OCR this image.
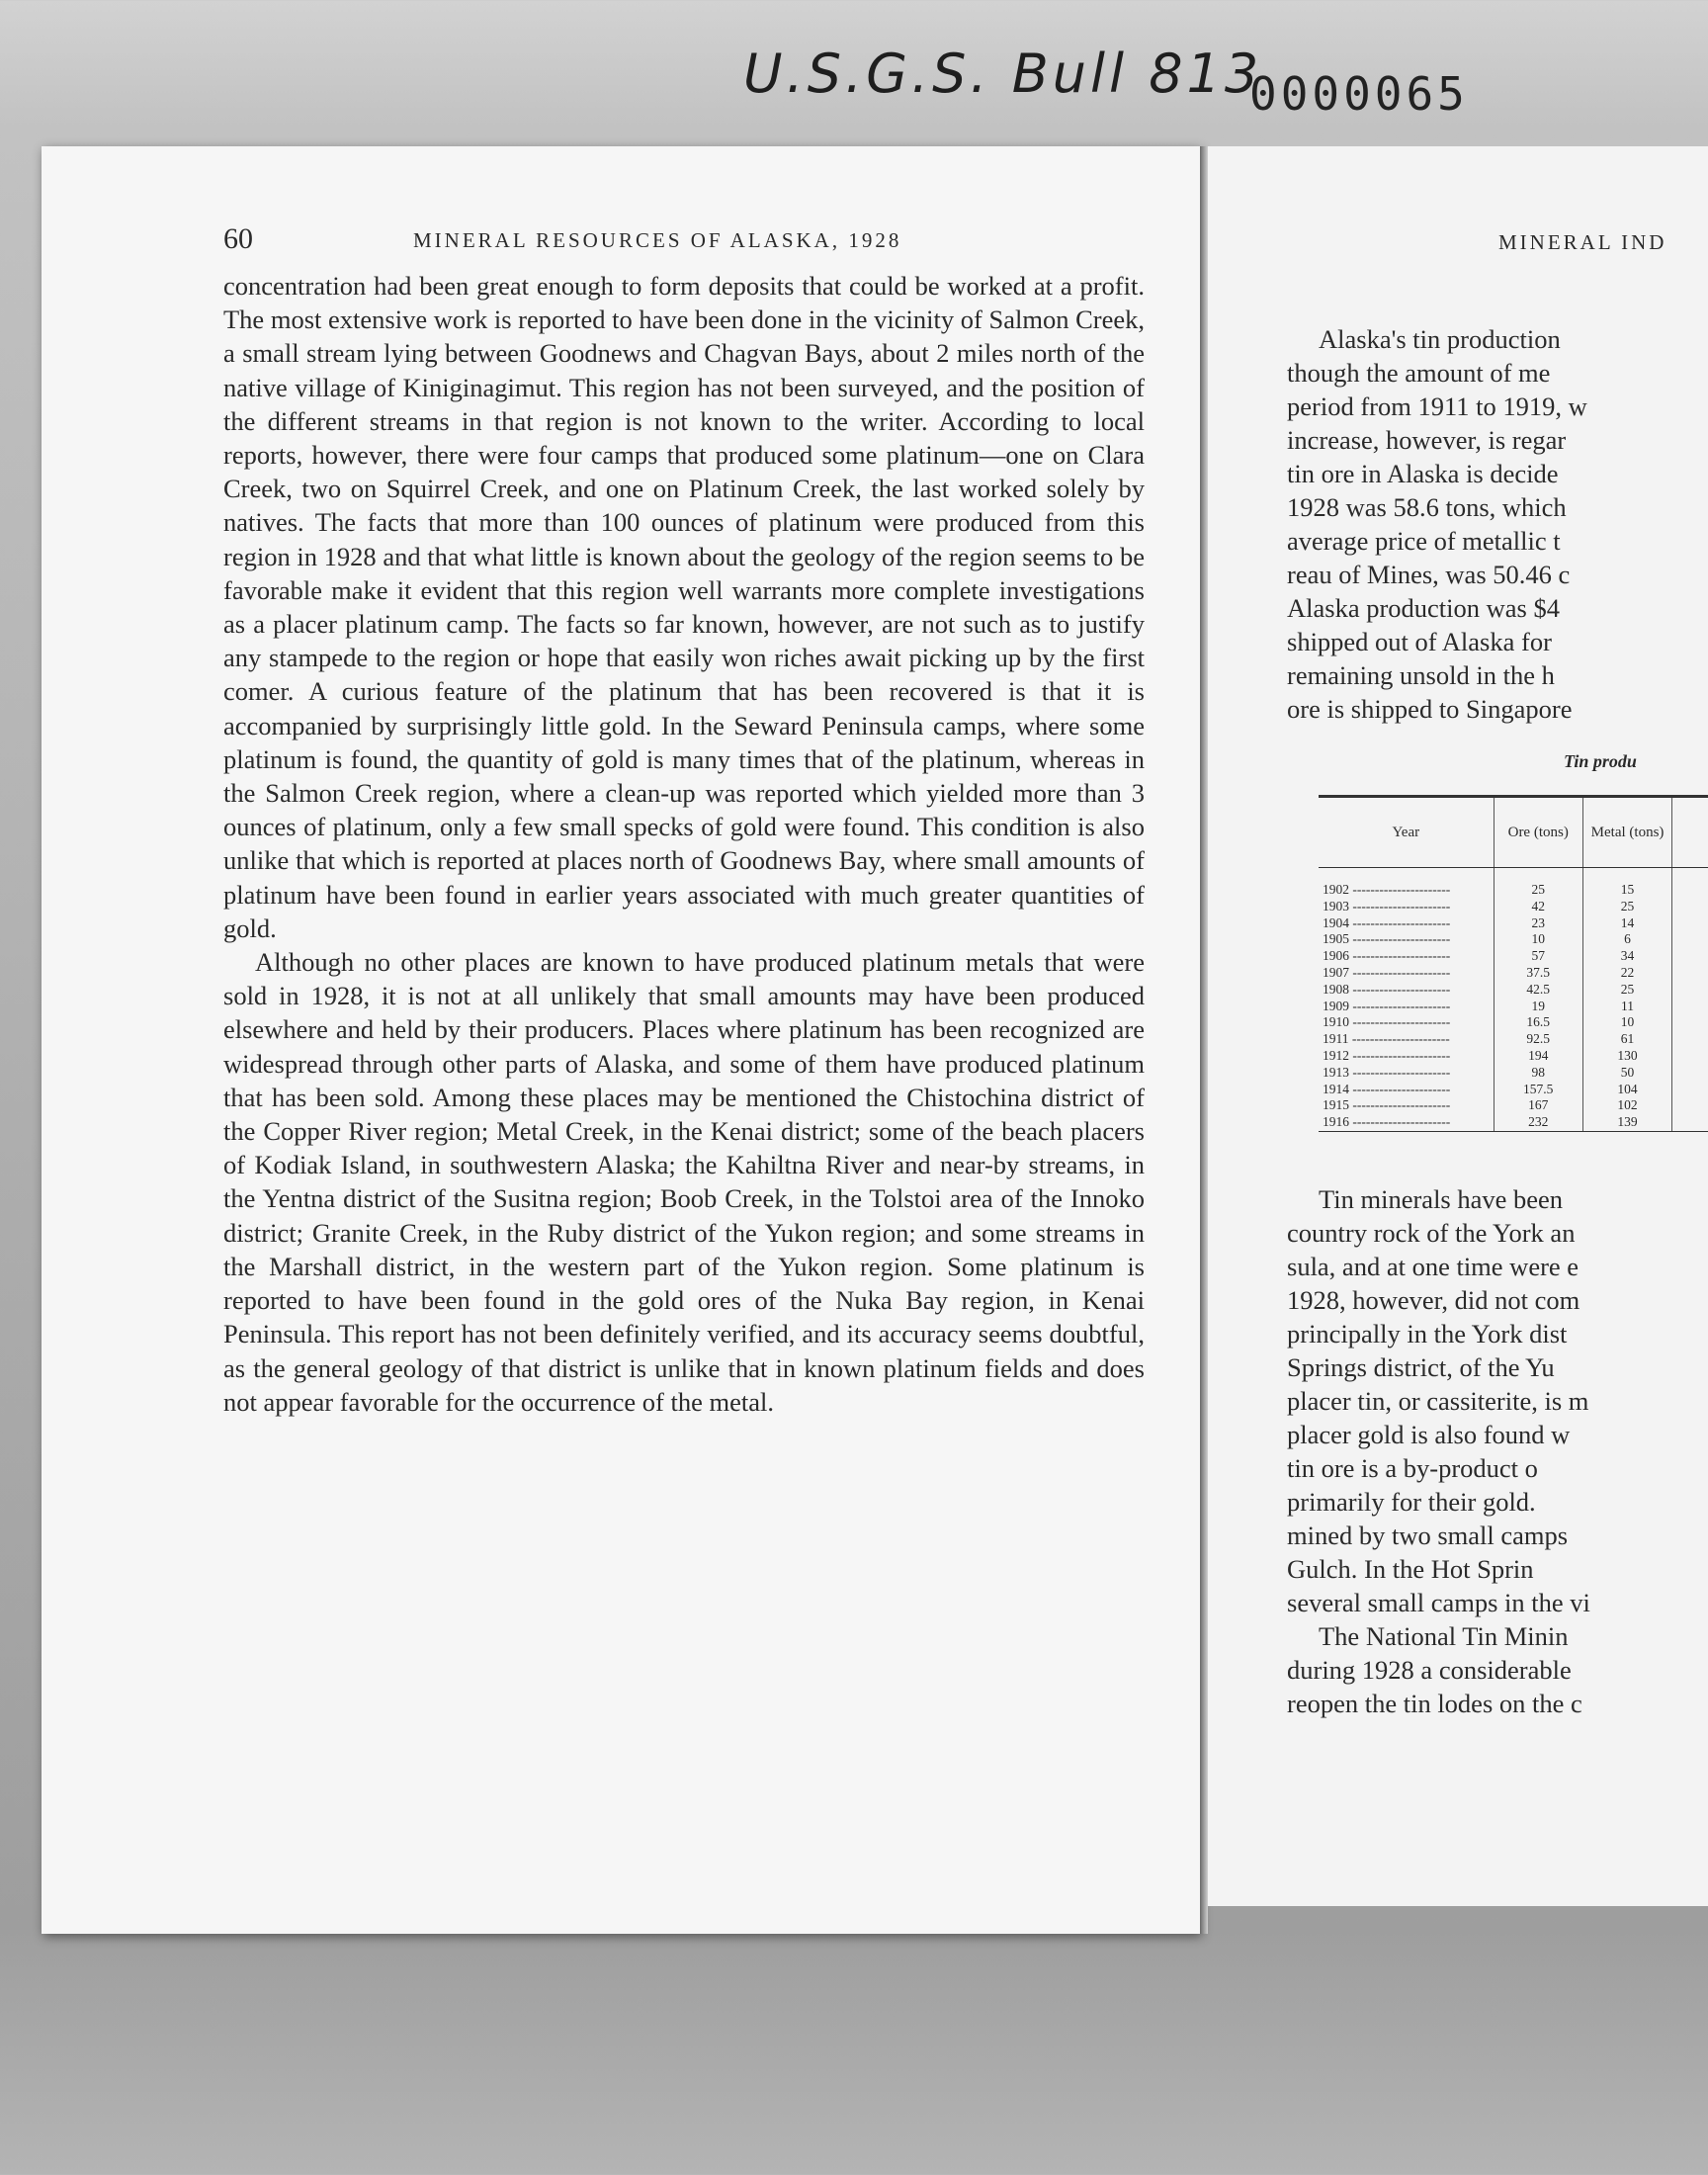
U.S.G.S. Bull 813

0000065

60	MINERAL RESOURCES OF ALASKA, 1928

concentration had been great enough to form deposits that could be worked at a profit. The most extensive work is reported to have been done in the vicinity of Salmon Creek, a small stream lying between Goodnews and Chagvan Bays, about 2 miles north of the native village of Kiniginagimut. This region has not been surveyed, and the position of the different streams in that region is not known to the writer. According to local reports, however, there were four camps that produced some platinum—one on Clara Creek, two on Squirrel Creek, and one on Platinum Creek, the last worked solely by natives. The facts that more than 100 ounces of platinum were produced from this region in 1928 and that what little is known about the geology of the region seems to be favorable make it evident that this region well warrants more complete investigations as a placer platinum camp. The facts so far known, however, are not such as to justify any stampede to the region or hope that easily won riches await picking up by the first comer. A curious feature of the platinum that has been recovered is that it is accompanied by surprisingly little gold. In the Seward Peninsula camps, where some platinum is found, the quantity of gold is many times that of the platinum, whereas in the Salmon Creek region, where a clean-up was reported which yielded more than 3 ounces of platinum, only a few small specks of gold were found. This condition is also unlike that which is reported at places north of Goodnews Bay, where small amounts of platinum have been found in earlier years associated with much greater quantities of gold.

Although no other places are known to have produced platinum metals that were sold in 1928, it is not at all unlikely that small amounts may have been produced elsewhere and held by their producers. Places where platinum has been recognized are widespread through other parts of Alaska, and some of them have produced platinum that has been sold. Among these places may be mentioned the Chistochina district of the Copper River region; Metal Creek, in the Kenai district; some of the beach placers of Kodiak Island, in southwestern Alaska; the Kahiltna River and near-by streams, in the Yentna district of the Susitna region; Boob Creek, in the Tolstoi area of the Innoko district; Granite Creek, in the Ruby district of the Yukon region; and some streams in the Marshall district, in the western part of the Yukon region. Some platinum is reported to have been found in the gold ores of the Nuka Bay region, in Kenai Peninsula. This report has not been definitely verified, and its accuracy seems doubtful, as the general geology of that district is unlike that in known platinum fields and does not appear favorable for the occurrence of the metal.

MINERAL IND

Alaska's tin production
though the amount of me
period from 1911 to 1919, w
increase, however, is regar
tin ore in Alaska is decide
1928 was 58.6 tons, which
average price of metallic t
reau of Mines, was 50.46 c
Alaska production was $4
shipped out of Alaska for
remaining unsold in the h
ore is shipped to Singapore

Tin produ

Year	Ore (tons)	Metal (tons)	
1902 ----------------------	25	15	
1903 ----------------------	42	25	
1904 ----------------------	23	14	
1905 ----------------------	10	6	
1906 ----------------------	57	34	
1907 ----------------------	37.5	22	
1908 ----------------------	42.5	25	
1909 ----------------------	19	11	
1910 ----------------------	16.5	10	
1911 ----------------------	92.5	61	
1912 ----------------------	194	130	
1913 ----------------------	98	50	
1914 ----------------------	157.5	104	
1915 ----------------------	167	102	
1916 ----------------------	232	139	
Tin minerals have been
country rock of the York an
sula, and at one time were e
1928, however, did not com
principally in the York dist
Springs district, of the Yu
placer tin, or cassiterite, is m
placer gold is also found w
tin ore is a by-product o
primarily for their gold.
mined by two small camps
Gulch. In the Hot Sprin
several small camps in the vi
The National Tin Minin
during 1928 a considerable
reopen the tin lodes on the c
